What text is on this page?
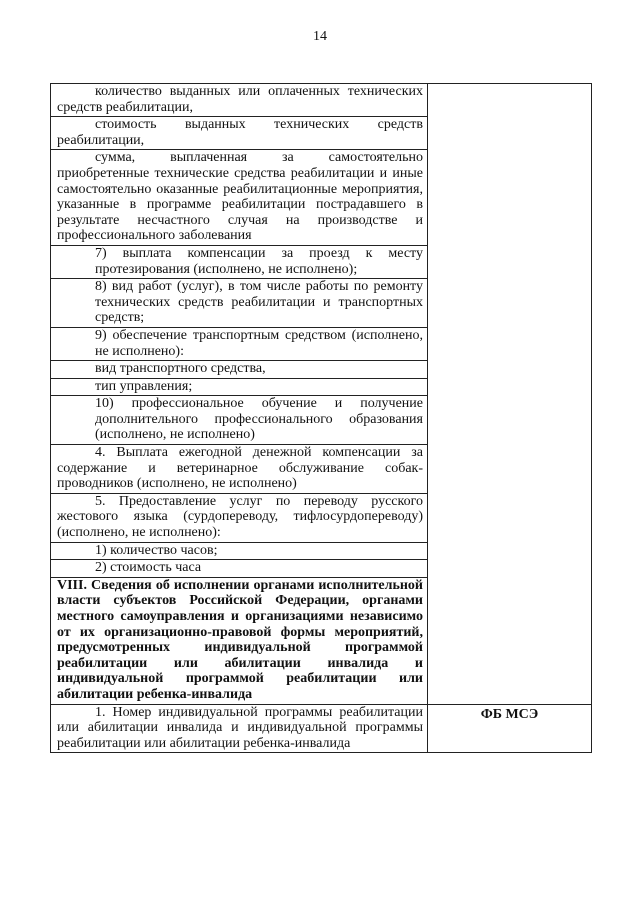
14
количество выданных или оплаченных технических средств реабилитации,	

стоимость выданных технических средств реабилитации,	

сумма, выплаченная за самостоятельно приобретенные технические средства реабилитации и иные самостоятельно оказанные реабилитационные мероприятия, указанные в программе реабилитации пострадавшего в результате несчастного случая на производстве и профессионального заболевания	

7) выплата компенсации за проезд к месту протезирования (исполнено, не исполнено);	

8) вид работ (услуг), в том числе работы по ремонту технических средств реабилитации и транспортных средств;	

9) обеспечение транспортным средством (исполнено, не исполнено):	

вид транспортного средства,	

тип управления;	

10) профессиональное обучение и получение дополнительного профессионального образования (исполнено, не исполнено)	

4. Выплата ежегодной денежной компенсации за содержание и ветеринарное обслуживание собак-проводников (исполнено, не исполнено)	

5. Предоставление услуг по переводу русского жестового языка (сурдопереводу, тифлосурдопереводу) (исполнено, не исполнено):	

1) количество часов;	

2) стоимость часа	

VIII. Сведения об исполнении органами исполнительной власти субъектов Российской Федерации, органами местного самоуправления и организациями независимо от их организационно-правовой формы мероприятий, предусмотренных индивидуальной программой реабилитации или абилитации инвалида и индивидуальной программой реабилитации или абилитации ребенка-инвалида	

1. Номер индивидуальной программы реабилитации или абилитации инвалида и индивидуальной программы реабилитации или абилитации ребенка-инвалида	ФБ МСЭ
